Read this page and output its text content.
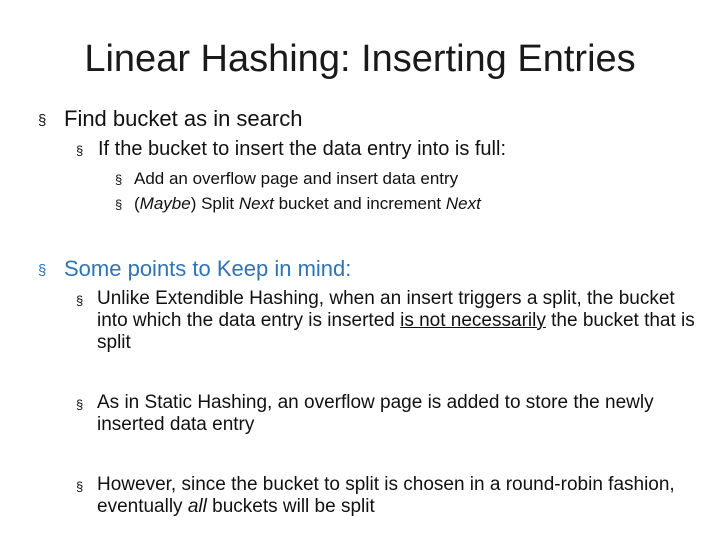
Linear Hashing: Inserting Entries
§ Find bucket as in search
§ If the bucket to insert the data entry into is full:
§ Add an overflow page and insert data entry
§ (Maybe) Split Next bucket and increment Next
§ Some points to Keep in mind:
§ Unlike Extendible Hashing, when an insert triggers a split, the bucket into which the data entry is inserted is not necessarily the bucket that is split
§ As in Static Hashing, an overflow page is added to store the newly inserted data entry
§ However, since the bucket to split is chosen in a round-robin fashion, eventually all buckets will be split
